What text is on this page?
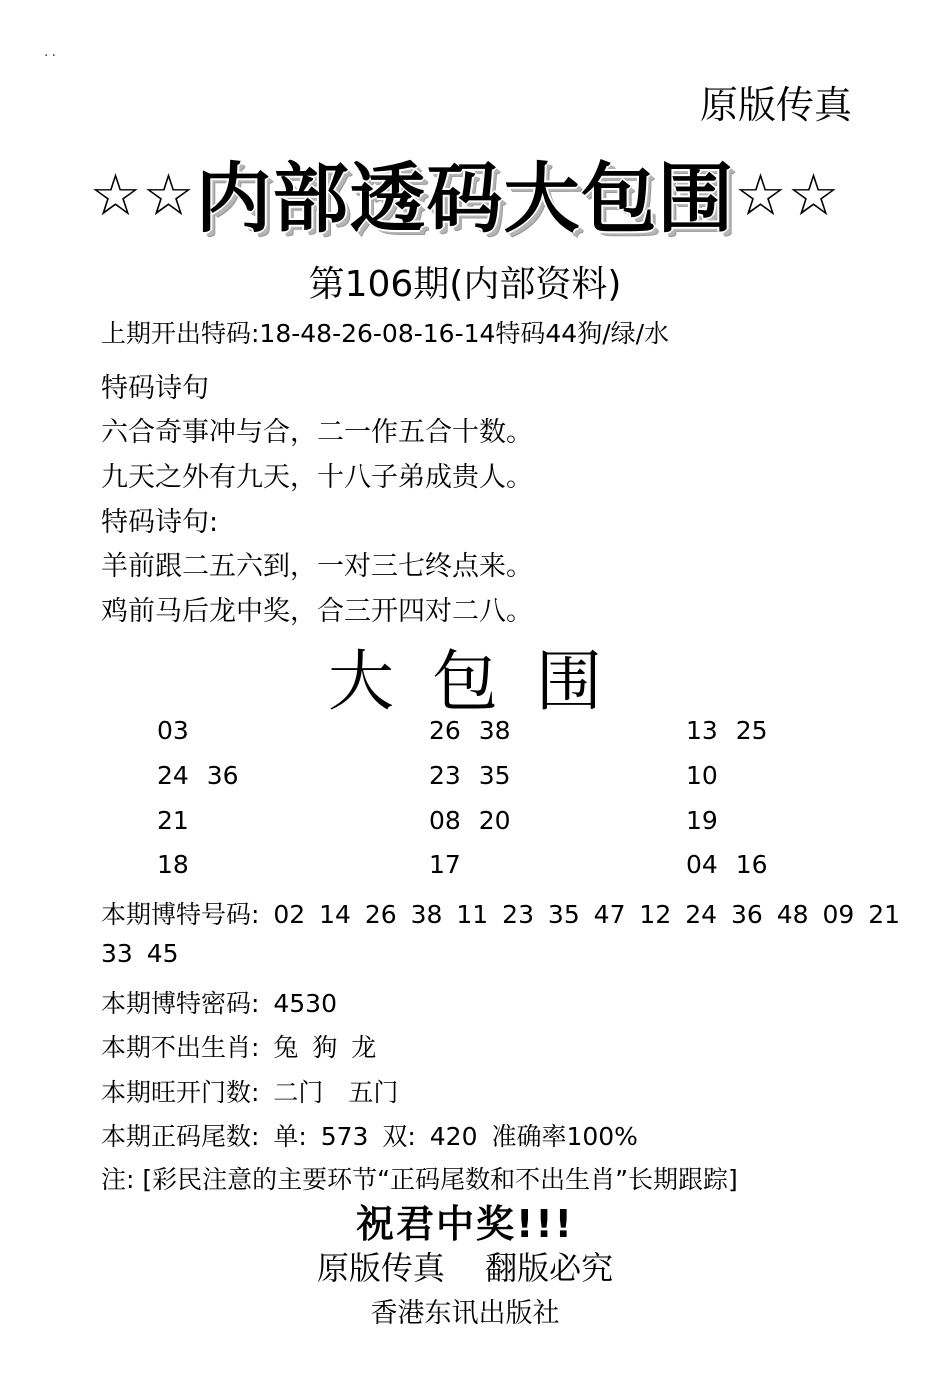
..
原版传真
☆☆内部透码大包围☆☆
第106期(内部资料)
上期开出特码:18-48-26-08-16-14特码44狗/绿/水
特码诗句
六合奇事冲与合，二一作五合十数。
九天之外有九天，十八子弟成贵人。
特码诗句:
羊前跟二五六到，一对三七终点来。
鸡前马后龙中奖，合三开四对二八。
大包围
03	26 38	13 25
24 36	23 35	10
21	08 20	19
18	17	04 16
本期博特号码: 02 14 26 38 11 23 35 47 12 24 36 48 09 21
33 45
本期博特密码: 4530
本期不出生肖: 兔 狗 龙
本期旺开门数: 二门　五门
本期正码尾数: 单: 573 双: 420 准确率100%
注: [彩民注意的主要环节“正码尾数和不出生肖”长期跟踪]
祝君中奖!!!
原版传真 翻版必究
香港东讯出版社
